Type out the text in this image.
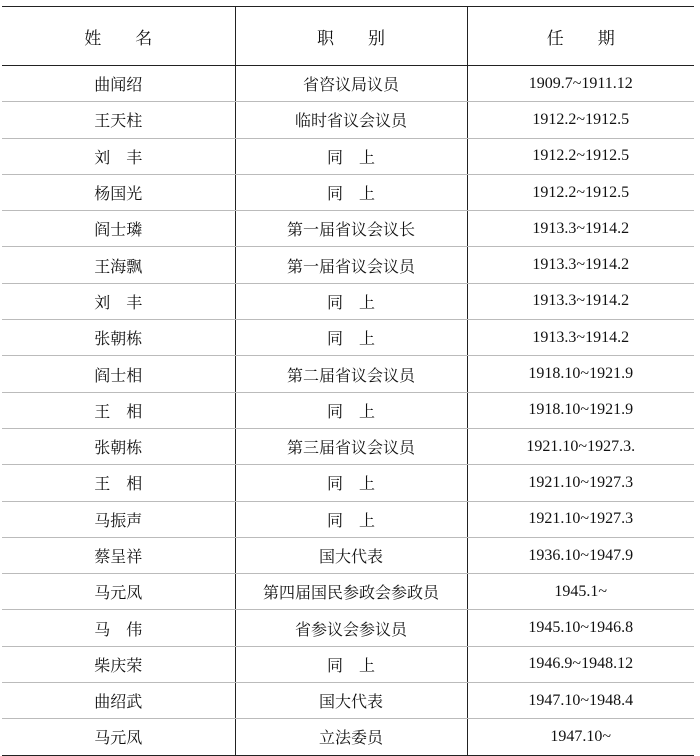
姓　　名	职　　别	任　　期
曲闻绍	省咨议局议员	1909.7~1911.12
王天柱	临时省议会议员	1912.2~1912.5
刘　丰	同　上	1912.2~1912.5
杨国光	同　上	1912.2~1912.5
阎士璘	第一届省议会议长	1913.3~1914.2
王海飘	第一届省议会议员	1913.3~1914.2
刘　丰	同　上	1913.3~1914.2
张朝栋	同　上	1913.3~1914.2
阎士相	第二届省议会议员	1918.10~1921.9
王　相	同　上	1918.10~1921.9
张朝栋	第三届省议会议员	1921.10~1927.3.
王　相	同　上	1921.10~1927.3
马振声	同　上	1921.10~1927.3
蔡呈祥	国大代表	1936.10~1947.9
马元凤	第四届国民参政会参政员	1945.1~
马　伟	省参议会参议员	1945.10~1946.8
柴庆荣	同　上	1946.9~1948.12
曲绍武	国大代表	1947.10~1948.4
马元凤	立法委员	1947.10~
